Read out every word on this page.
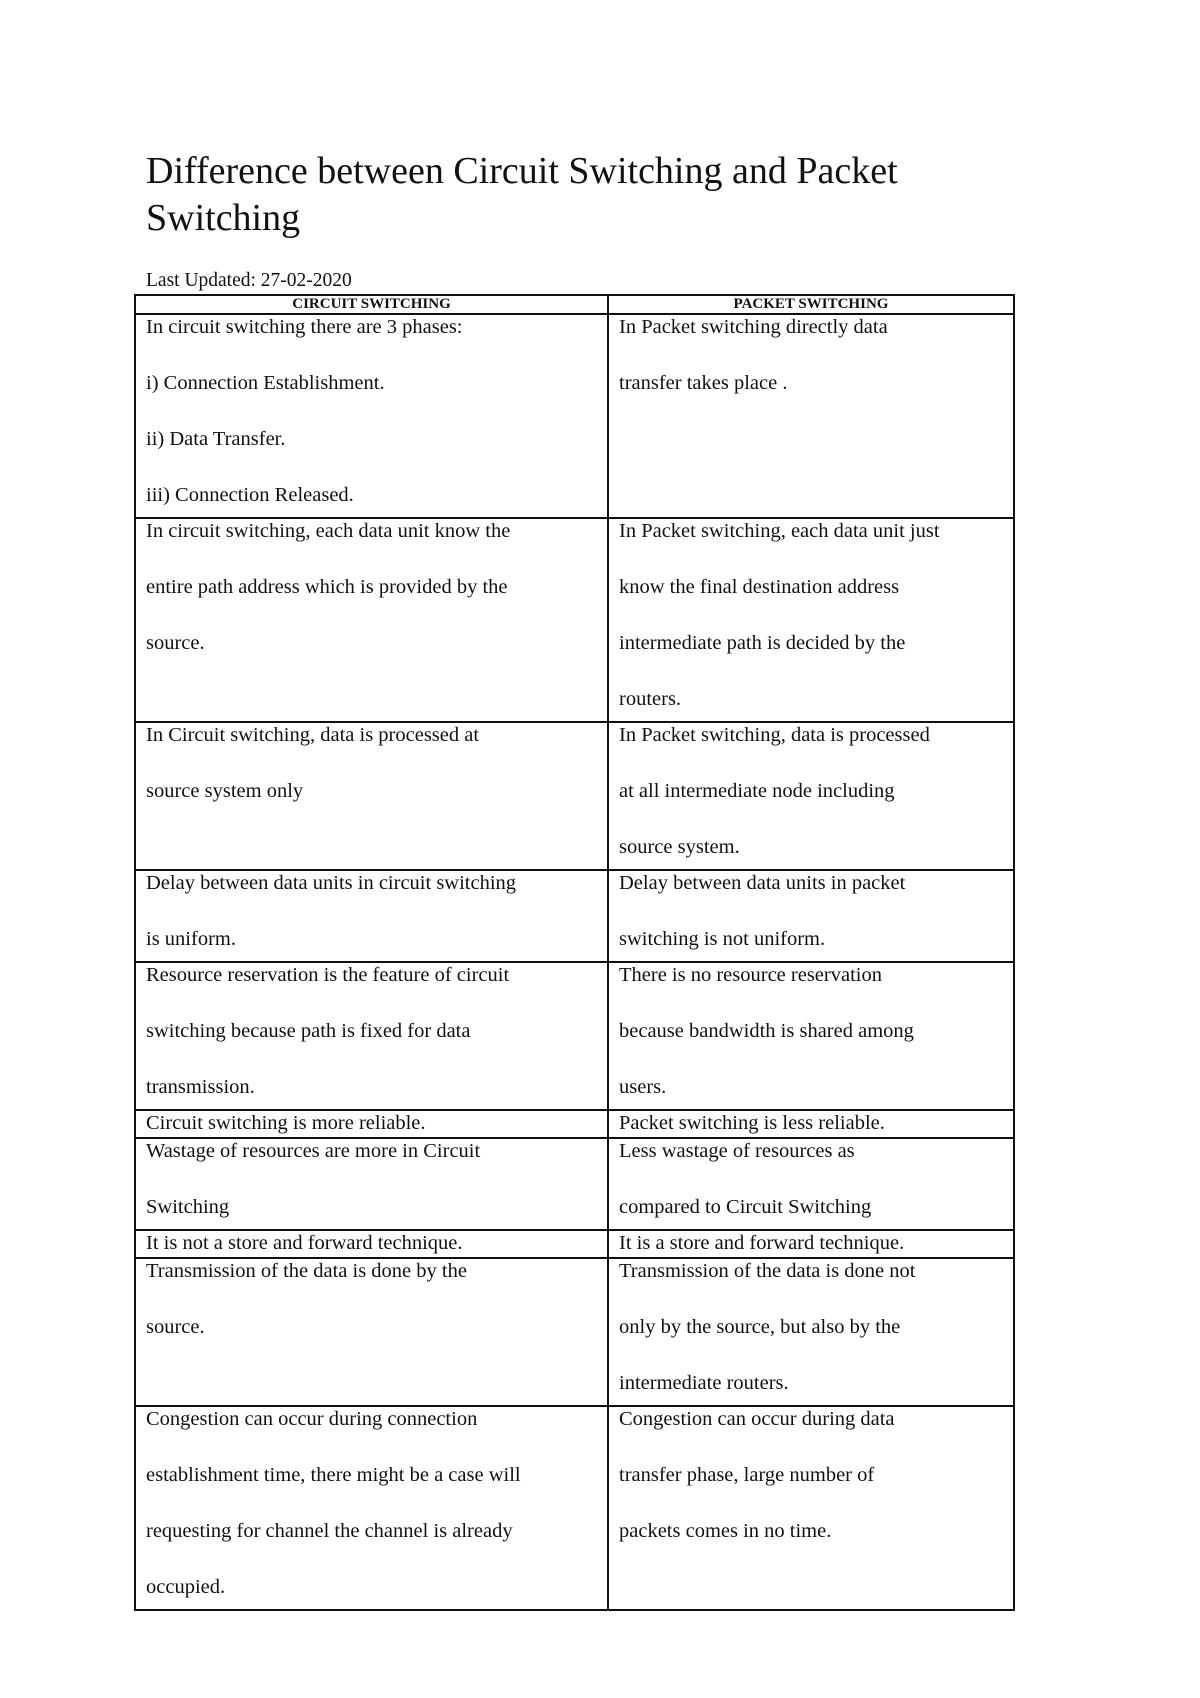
Difference between Circuit Switching and Packet Switching
Last Updated: 27-02-2020
CIRCUIT SWITCHING	PACKET SWITCHING

In circuit switching there are 3 phases:
i) Connection Establishment.
ii) Data Transfer.
iii) Connection Released.	In Packet switching directly data
transfer takes place .

In circuit switching, each data unit know the
entire path address which is provided by the
source.	In Packet switching, each data unit just
know the final destination address
intermediate path is decided by the
routers.

In Circuit switching, data is processed at
source system only	In Packet switching, data is processed
at all intermediate node including
source system.

Delay between data units in circuit switching
is uniform.	Delay between data units in packet
switching is not uniform.

Resource reservation is the feature of circuit
switching because path is fixed for data
transmission.	There is no resource reservation
because bandwidth is shared among
users.

Circuit switching is more reliable.	Packet switching is less reliable.

Wastage of resources are more in Circuit
Switching	Less wastage of resources as
compared to Circuit Switching

It is not a store and forward technique.	It is a store and forward technique.

Transmission of the data is done by the
source.	Transmission of the data is done not
only by the source, but also by the
intermediate routers.

Congestion can occur during connection
establishment time, there might be a case will
requesting for channel the channel is already
occupied.	Congestion can occur during data
transfer phase, large number of
packets comes in no time.
